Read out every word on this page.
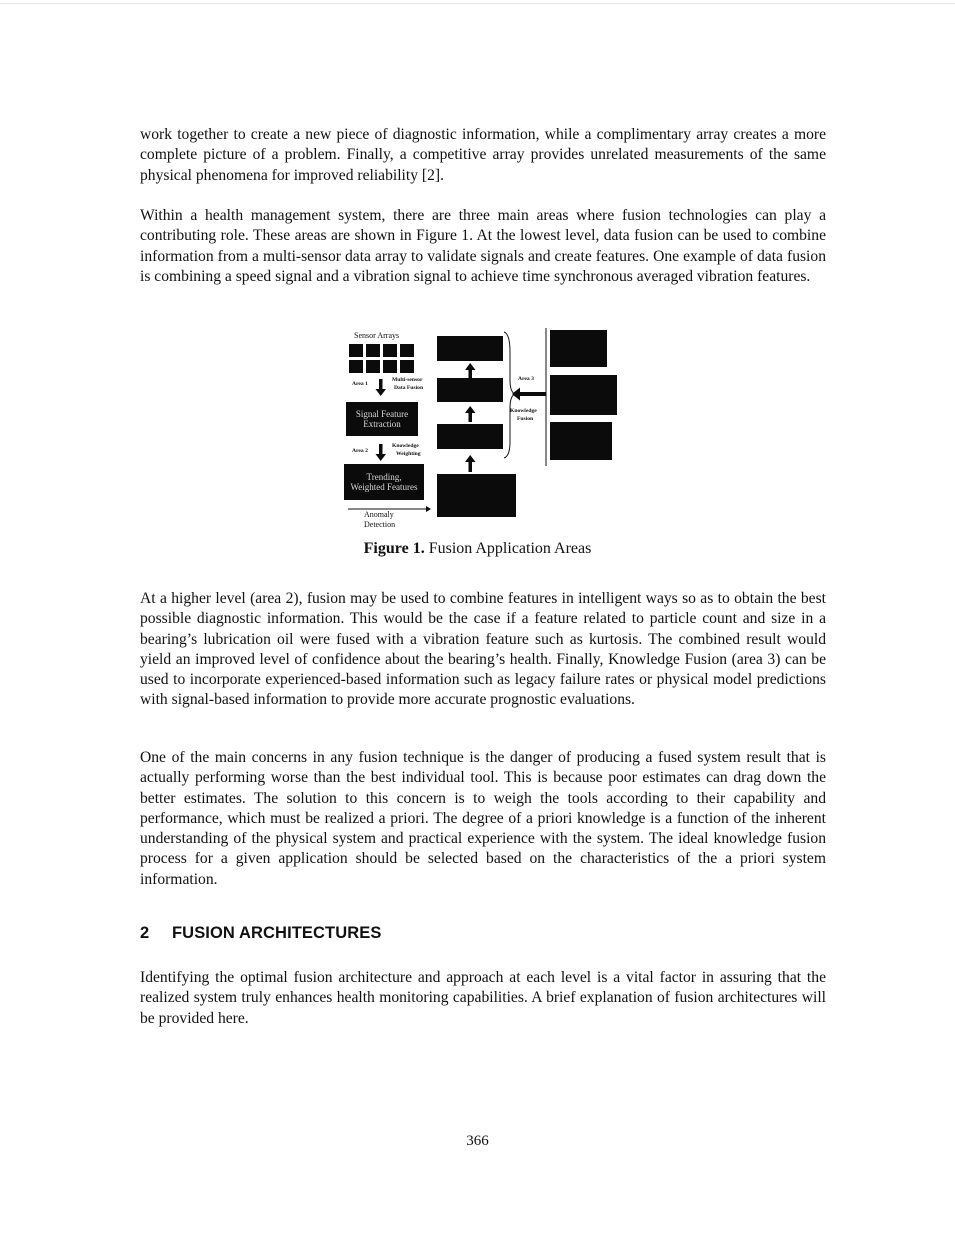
work together to create a new piece of diagnostic information, while a complimentary array creates a more complete picture of a problem. Finally, a competitive array provides unrelated measurements of the same physical phenomena for improved reliability [2].

Within a health management system, there are three main areas where fusion technologies can play a contributing role. These areas are shown in Figure 1. At the lowest level, data fusion can be used to combine information from a multi-sensor data array to validate signals and create features. One example of data fusion is combining a speed signal and a vibration signal to achieve time synchronous averaged vibration features.

Sensor Arrays
Area 1
Multi-sensor
Data Fusion
Signal Feature
Extraction
Area 2
Knowledge
Weighting
Trending,
Weighted Features
Anomaly
Detection
Area 3
Knowledge
Fusion

Figure 1. Fusion Application Areas

At a higher level (area 2), fusion may be used to combine features in intelligent ways so as to obtain the best possible diagnostic information. This would be the case if a feature related to particle count and size in a bearing’s lubrication oil were fused with a vibration feature such as kurtosis. The combined result would yield an improved level of confidence about the bearing’s health. Finally, Knowledge Fusion (area 3) can be used to incorporate experienced-based information such as legacy failure rates or physical model predictions with signal-based information to provide more accurate prognostic evaluations.

One of the main concerns in any fusion technique is the danger of producing a fused system result that is actually performing worse than the best individual tool. This is because poor estimates can drag down the better estimates. The solution to this concern is to weigh the tools according to their capability and performance, which must be realized a priori. The degree of a priori knowledge is a function of the inherent understanding of the physical system and practical experience with the system. The ideal knowledge fusion process for a given application should be selected based on the characteristics of the a priori system information.

2 FUSION ARCHITECTURES

Identifying the optimal fusion architecture and approach at each level is a vital factor in assuring that the realized system truly enhances health monitoring capabilities. A brief explanation of fusion architectures will be provided here.

366
